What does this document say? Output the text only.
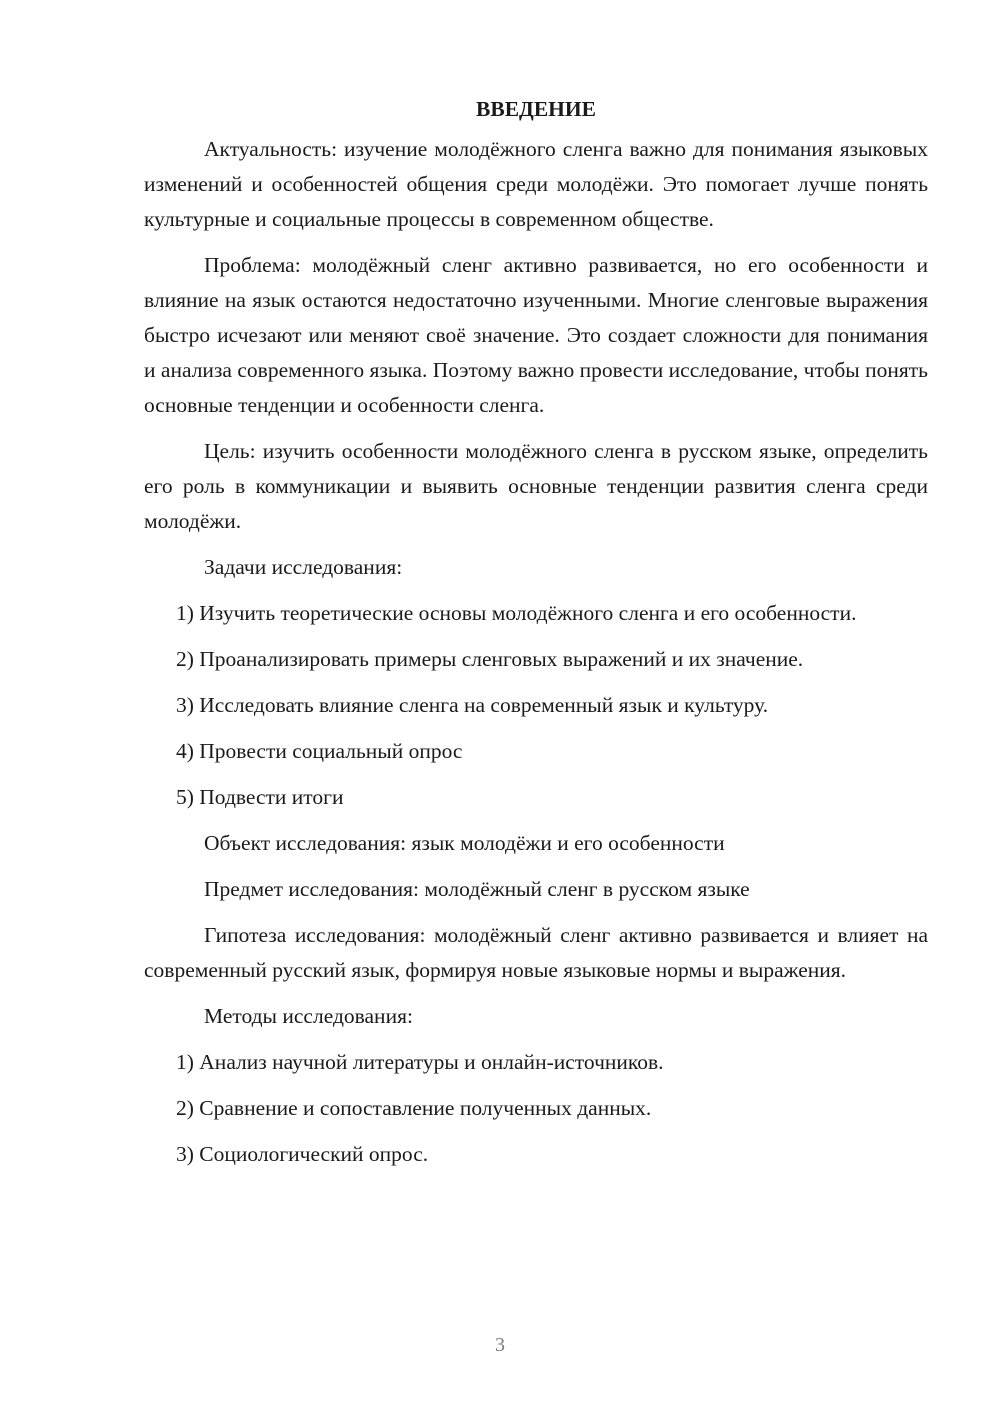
ВВЕДЕНИЕ

Актуальность: изучение молодёжного сленга важно для понимания языковых изменений и особенностей общения среди молодёжи. Это помогает лучше понять культурные и социальные процессы в современном обществе.

Проблема: молодёжный сленг активно развивается, но его особенности и влияние на язык остаются недостаточно изученными. Многие сленговые выражения быстро исчезают или меняют своё значение. Это создает сложности для понимания и анализа современного языка. Поэтому важно провести исследование, чтобы понять основные тенденции и особенности сленга.

Цель: изучить особенности молодёжного сленга в русском языке, определить его роль в коммуникации и выявить основные тенденции развития сленга среди молодёжи.

Задачи исследования:

1) Изучить теоретические основы молодёжного сленга и его особенности.

2) Проанализировать примеры сленговых выражений и их значение.

3) Исследовать влияние сленга на современный язык и культуру.

4) Провести социальный опрос

5) Подвести итоги

Объект исследования: язык молодёжи и его особенности

Предмет исследования: молодёжный сленг в русском языке

Гипотеза исследования: молодёжный сленг активно развивается и влияет на современный русский язык, формируя новые языковые нормы и выражения.

Методы исследования:

1) Анализ научной литературы и онлайн-источников.

2) Сравнение и сопоставление полученных данных.

3) Социологический опрос.

3
